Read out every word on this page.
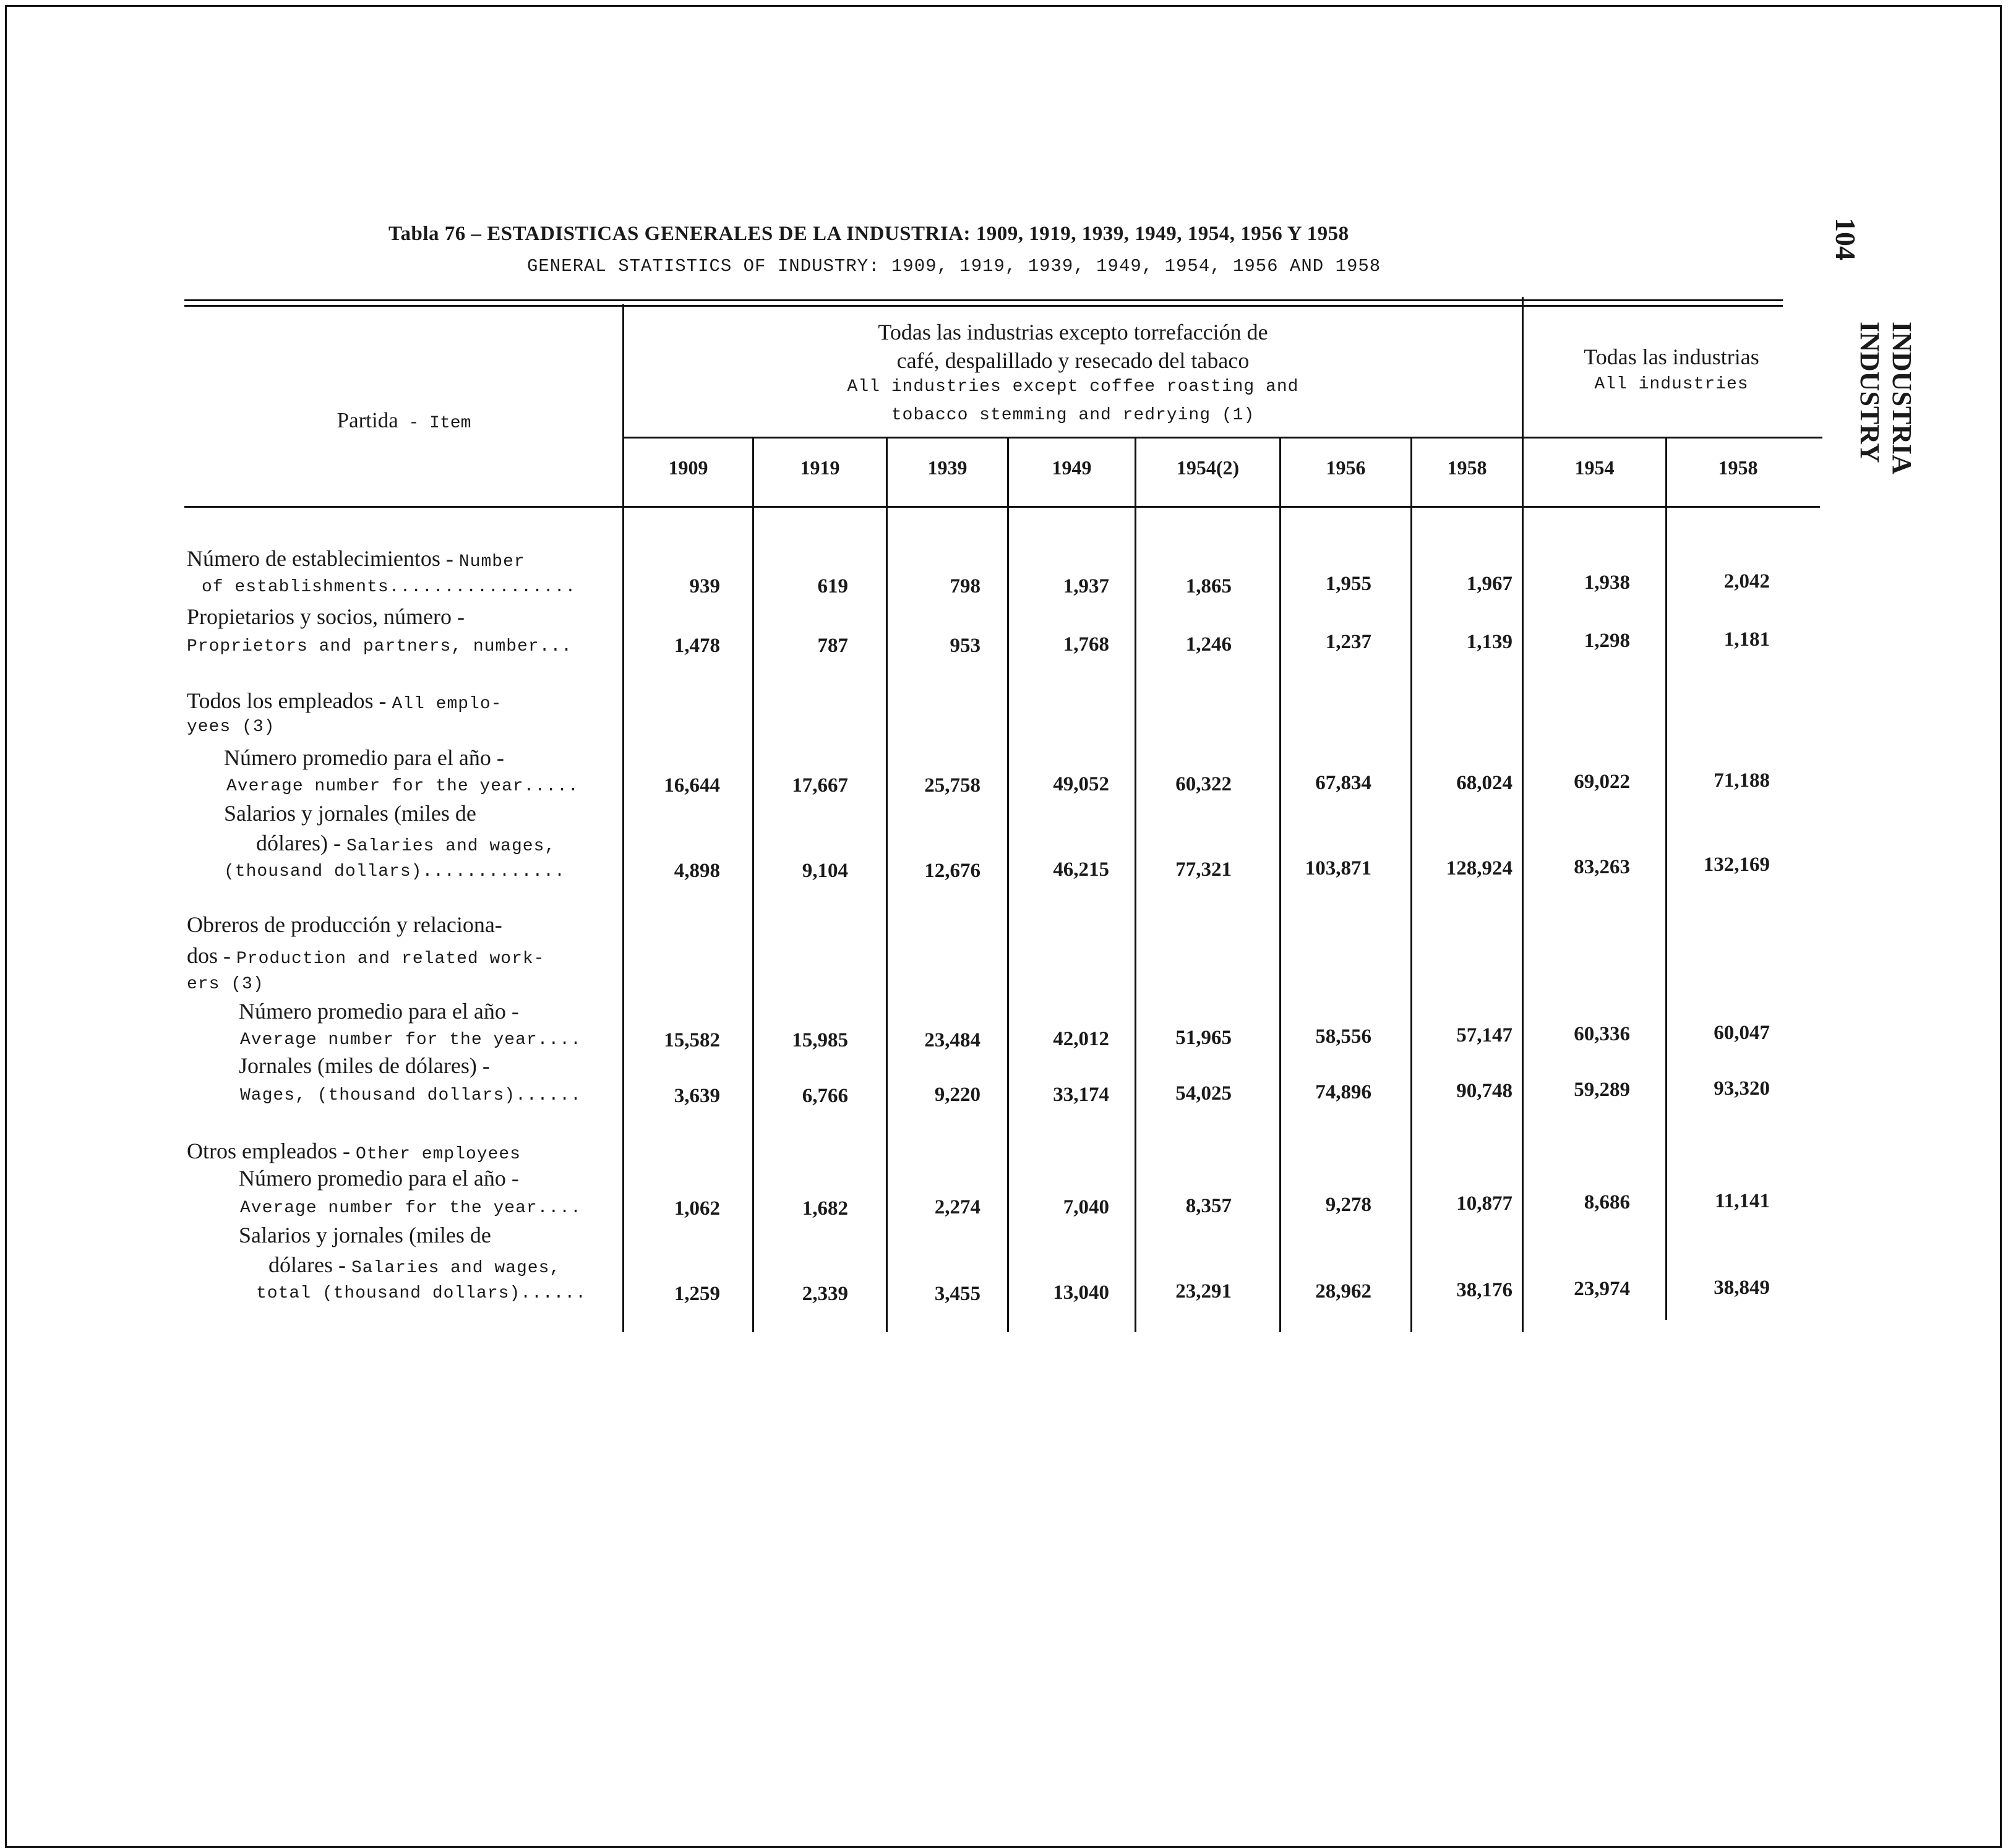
Tabla 76 – ESTADISTICAS GENERALES DE LA INDUSTRIA: 1909, 1919, 1939, 1949, 1954, 1956 Y 1958
GENERAL STATISTICS OF INDUSTRY: 1909, 1919, 1939, 1949, 1954, 1956 AND 1958
104
INDUSTRIA
INDUSTRY
Partida - Item
Todas las industrias excepto torrefacción de
café, despalillado y resecado del tabaco
All industries except coffee roasting and
tobacco stemming and redrying (1)
Todas las industrias
All industries
1909	1919	1939	1949	1954(2)	1956	1958	1954	1958
Número de establecimientos - Number
of establishments.................	939	619	798	1,937	1,865	1,955	1,967	1,938	2,042
Propietarios y socios, número -
Proprietors and partners, number...	1,478	787	953	1,768	1,246	1,237	1,139	1,298	1,181
Todos los empleados - All emplo-
yees (3)
Número promedio para el año -
Average number for the year.....	16,644	17,667	25,758	49,052	60,322	67,834	68,024	69,022	71,188
Salarios y jornales (miles de
dólares) - Salaries and wages,
(thousand dollars).............	4,898	9,104	12,676	46,215	77,321	103,871	128,924	83,263	132,169
Obreros de producción y relaciona-
dos - Production and related work-
ers (3)
Número promedio para el año -
Average number for the year....	15,582	15,985	23,484	42,012	51,965	58,556	57,147	60,336	60,047
Jornales (miles de dólares) -
Wages, (thousand dollars)......	3,639	6,766	9,220	33,174	54,025	74,896	90,748	59,289	93,320
Otros empleados - Other employees
Número promedio para el año -
Average number for the year....	1,062	1,682	2,274	7,040	8,357	9,278	10,877	8,686	11,141
Salarios y jornales (miles de
dólares - Salaries and wages,
total (thousand dollars)......	1,259	2,339	3,455	13,040	23,291	28,962	38,176	23,974	38,849
